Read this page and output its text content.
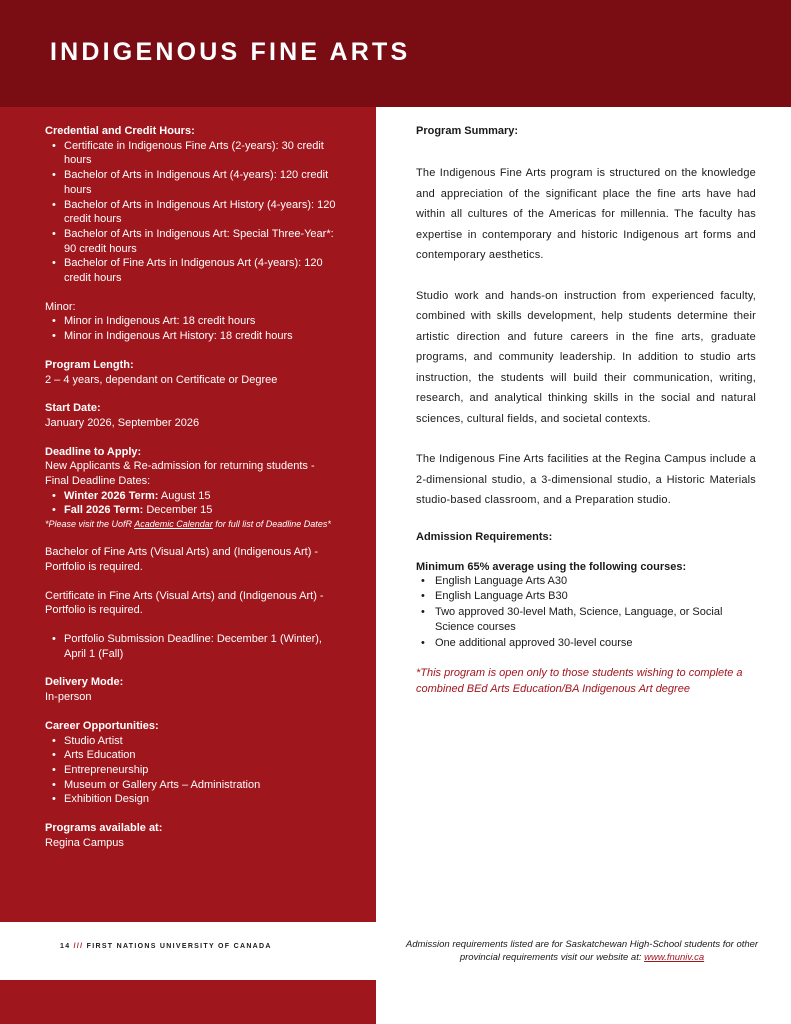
INDIGENOUS FINE ARTS
Credential and Credit Hours:
• Certificate in Indigenous Fine Arts (2-years): 30 credit hours
• Bachelor of Arts in Indigenous Art (4-years): 120 credit hours
• Bachelor of Arts in Indigenous Art History (4-years): 120 credit hours
• Bachelor of Arts in Indigenous Art: Special Three-Year*: 90 credit hours
• Bachelor of Fine Arts in Indigenous Art (4-years): 120 credit hours
Minor:
• Minor in Indigenous Art: 18 credit hours
• Minor in Indigenous Art History: 18 credit hours
Program Length:
2 – 4 years, dependant on Certificate or Degree
Start Date:
January 2026, September 2026
Deadline to Apply:
New Applicants & Re-admission for returning students - Final Deadline Dates:
• Winter 2026 Term: August 15
• Fall 2026 Term: December 15
*Please visit the UofR Academic Calendar for full list of Deadline Dates*
Bachelor of Fine Arts (Visual Arts) and (Indigenous Art) - Portfolio is required.
Certificate in Fine Arts (Visual Arts) and (Indigenous Art) - Portfolio is required.
• Portfolio Submission Deadline: December 1 (Winter), April 1 (Fall)
Delivery Mode:
In-person
Career Opportunities:
• Studio Artist
• Arts Education
• Entrepreneurship
• Museum or Gallery Arts – Administration
• Exhibition Design
Programs available at:
Regina Campus
Program Summary:

The Indigenous Fine Arts program is structured on the knowledge and appreciation of the significant place the fine arts have had within all cultures of the Americas for millennia. The faculty has expertise in contemporary and historic Indigenous art forms and contemporary aesthetics.

Studio work and hands-on instruction from experienced faculty, combined with skills development, help students determine their artistic direction and future careers in the fine arts, graduate programs, and community leadership. In addition to studio arts instruction, the students will build their communication, writing, research, and analytical thinking skills in the social and natural sciences, cultural fields, and societal contexts.

The Indigenous Fine Arts facilities at the Regina Campus include a 2-dimensional studio, a 3-dimensional studio, a Historic Materials studio-based classroom, and a Preparation studio.

Admission Requirements:
Minimum 65% average using the following courses:
• English Language Arts A30
• English Language Arts B30
• Two approved 30-level Math, Science, Language, or Social Science courses
• One additional approved 30-level course

*This program is open only to those students wishing to complete a combined BEd Arts Education/BA Indigenous Art degree

14 /// FIRST NATIONS UNIVERSITY OF CANADA	Admission requirements listed are for Saskatchewan High-School students for other provincial requirements visit our website at: www.fnuniv.ca
